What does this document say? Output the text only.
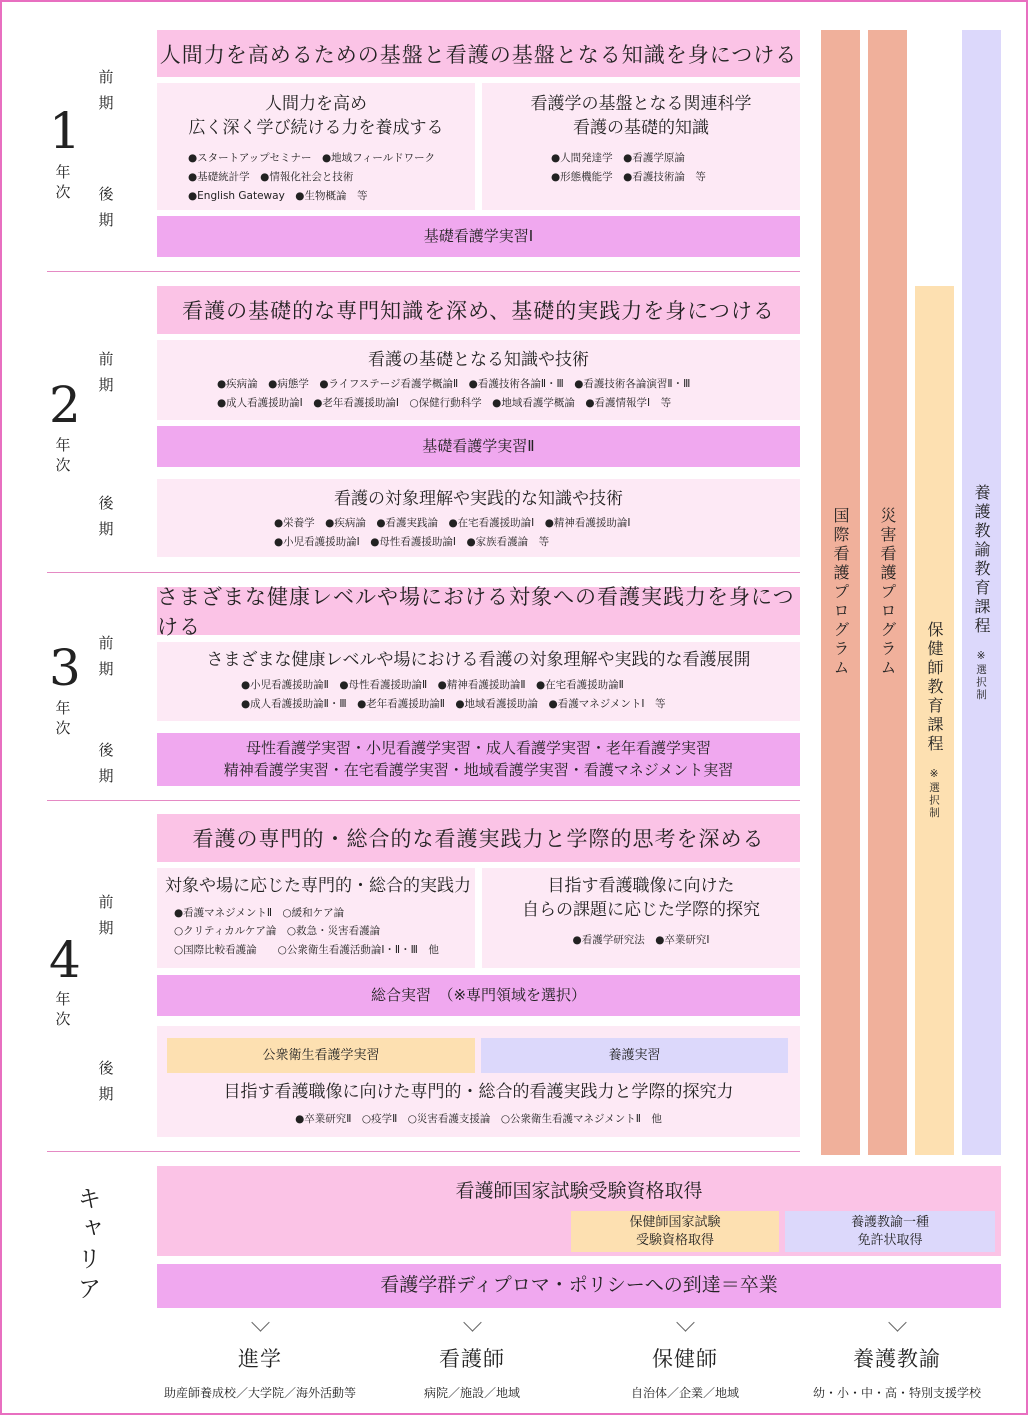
1
年次
前期
後期
人間力を高めるための基盤と看護の基盤となる知識を身につける
人間力を高め
広く深く学び続ける力を養成する
●スタートアップセミナー　●地域フィールドワーク
●基礎統計学　●情報化社会と技術
●English Gateway　●生物概論　等
看護学の基盤となる関連科学
看護の基礎的知識
●人間発達学　●看護学原論
●形態機能学　●看護技術論　等
基礎看護学実習Ⅰ
2
年次
前期
後期
看護の基礎的な専門知識を深め、基礎的実践力を身につける
看護の基礎となる知識や技術
●疾病論　●病態学　●ライフステージ看護学概論Ⅱ　●看護技術各論Ⅱ・Ⅲ　●看護技術各論演習Ⅱ・Ⅲ
●成人看護援助論Ⅰ　●老年看護援助論Ⅰ　○保健行動科学　●地域看護学概論　●看護情報学Ⅰ　等
基礎看護学実習Ⅱ
看護の対象理解や実践的な知識や技術
●栄養学　●疾病論　●看護実践論　●在宅看護援助論Ⅰ　●精神看護援助論Ⅰ
●小児看護援助論Ⅰ　●母性看護援助論Ⅰ　●家族看護論　等
3
年次
前期
後期
さまざまな健康レベルや場における対象への看護実践力を身につける
さまざまな健康レベルや場における看護の対象理解や実践的な看護展開
●小児看護援助論Ⅱ　●母性看護援助論Ⅱ　●精神看護援助論Ⅱ　●在宅看護援助論Ⅱ
●成人看護援助論Ⅱ・Ⅲ　●老年看護援助論Ⅱ　●地域看護援助論　●看護マネジメントⅠ　等
母性看護学実習・小児看護学実習・成人看護学実習・老年看護学実習
精神看護学実習・在宅看護学実習・地域看護学実習・看護マネジメント実習
4
年次
前期
後期
看護の専門的・総合的な看護実践力と学際的思考を深める
対象や場に応じた専門的・総合的実践力
●看護マネジメントⅡ　○緩和ケア論
○クリティカルケア論　○救急・災害看護論
○国際比較看護論　　○公衆衛生看護活動論Ⅰ・Ⅱ・Ⅲ　他
目指す看護職像に向けた
自らの課題に応じた学際的探究
●看護学研究法　●卒業研究Ⅰ
総合実習　（※専門領域を選択）
公衆衛生看護学実習	養護実習
目指す看護職像に向けた専門的・総合的看護実践力と学際的探究力
●卒業研究Ⅱ　○疫学Ⅱ　○災害看護支援論　○公衆衛生看護マネジメントⅡ　他
国際看護プログラム 災害看護プログラム
保健師教育課程
※選択制
養護教諭教育課程
※選択制
キャリア	看護師国家試験受験資格取得
保健師国家試験
受験資格取得
養護教諭一種
免許状取得
看護学群ディプロマ・ポリシーへの到達＝卒業
進学
助産師養成校／大学院／海外活動等
看護師
病院／施設／地域
保健師
自治体／企業／地域
養護教諭
幼・小・中・高・特別支援学校
